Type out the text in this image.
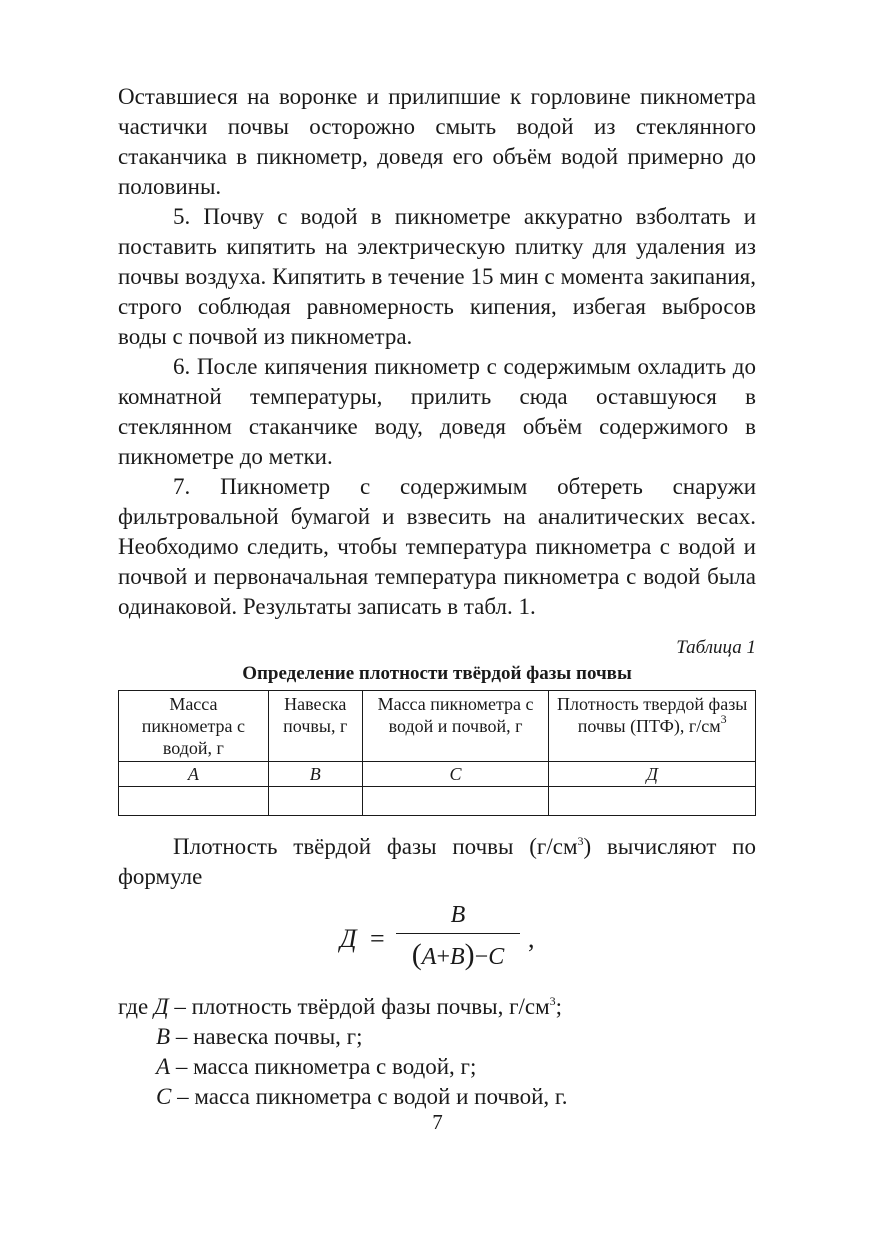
Оставшиеся на воронке и прилипшие к горловине пикнометра частички почвы осторожно смыть водой из стеклянного стаканчика в пикнометр, доведя его объём водой примерно до половины.

5. Почву с водой в пикнометре аккуратно взболтать и поставить кипятить на электрическую плитку для удаления из почвы воздуха. Кипятить в течение 15 мин с момента закипания, строго соблюдая равномерность кипения, избегая выбросов воды с почвой из пикнометра.

6. После кипячения пикнометр с содержимым охладить до комнатной температуры, прилить сюда оставшуюся в стеклянном стаканчике воду, доведя объём содержимого в пикнометре до метки.

7. Пикнометр с содержимым обтереть снаружи фильтровальной бумагой и взвесить на аналитических весах. Необходимо следить, чтобы температура пикнометра с водой и почвой и первоначальная температура пикнометра с водой была одинаковой. Результаты записать в табл. 1.

Таблица 1
Определение плотности твёрдой фазы почвы
Масса пикнометра с водой, г	Навеска почвы, г	Масса пикнометра с водой и почвой, г	Плотность твердой фазы почвы (ПТФ), $г/см^3$
А	В	С	Д

Плотность твёрдой фазы почвы $(г/см^3)$ вычисляют по формуле

Д =
B
(A+B)−C
,

где Д – плотность твёрдой фазы почвы, $г/см^3$;

В – навеска почвы, г;

А – масса пикнометра с водой, г;

С – масса пикнометра с водой и почвой, г.

7
